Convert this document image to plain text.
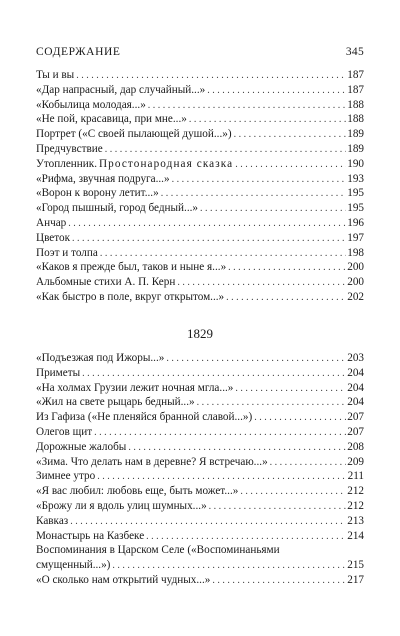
СОДЕРЖАНИЕ	345
Ты и вы . . .	187
«Дар напрасный, дар случайный...» . . .	187
«Кобылица молодая...» . . .	188
«Не пой, красавица, при мне...» . . .	188
Портрет («С своей пылающей душой...») . . .	189
Предчувствие . . .	189
Утопленник. Простонародная сказка . . .	190
«Рифма, звучная подруга...» . . .	193
«Ворон к ворону летит...» . . .	195
«Город пышный, город бедный...» . . .	195
Анчар . . .	196
Цветок . . .	197
Поэт и толпа . . .	198
«Каков я прежде был, таков и ныне я...» . . .	200
Альбомные стихи А. П. Керн . . .	200
«Как быстро в поле, вкруг открытом...» . . .	202
1829
«Подъезжая под Ижоры...» . . .	203
Приметы . . .	204
«На холмах Грузии лежит ночная мгла...» . . .	204
«Жил на свете рыцарь бедный...» . . .	204
Из Гафиза («Не пленяйся бранной славой...») . . .	207
Олегов щит . . .	207
Дорожные жалобы . . .	208
«Зима. Что делать нам в деревне? Я встречаю...» . . .	209
Зимнее утро . . .	211
«Я вас любил: любовь еще, быть может...» . . .	212
«Брожу ли я вдоль улиц шумных...» . . .	212
Кавказ . . .	213
Монастырь на Казбеке . . .	214
Воспоминания в Царском Селе («Воспоминаньями
смущенный...») . . .	215
«О сколько нам открытий чудных...» . . .	217
